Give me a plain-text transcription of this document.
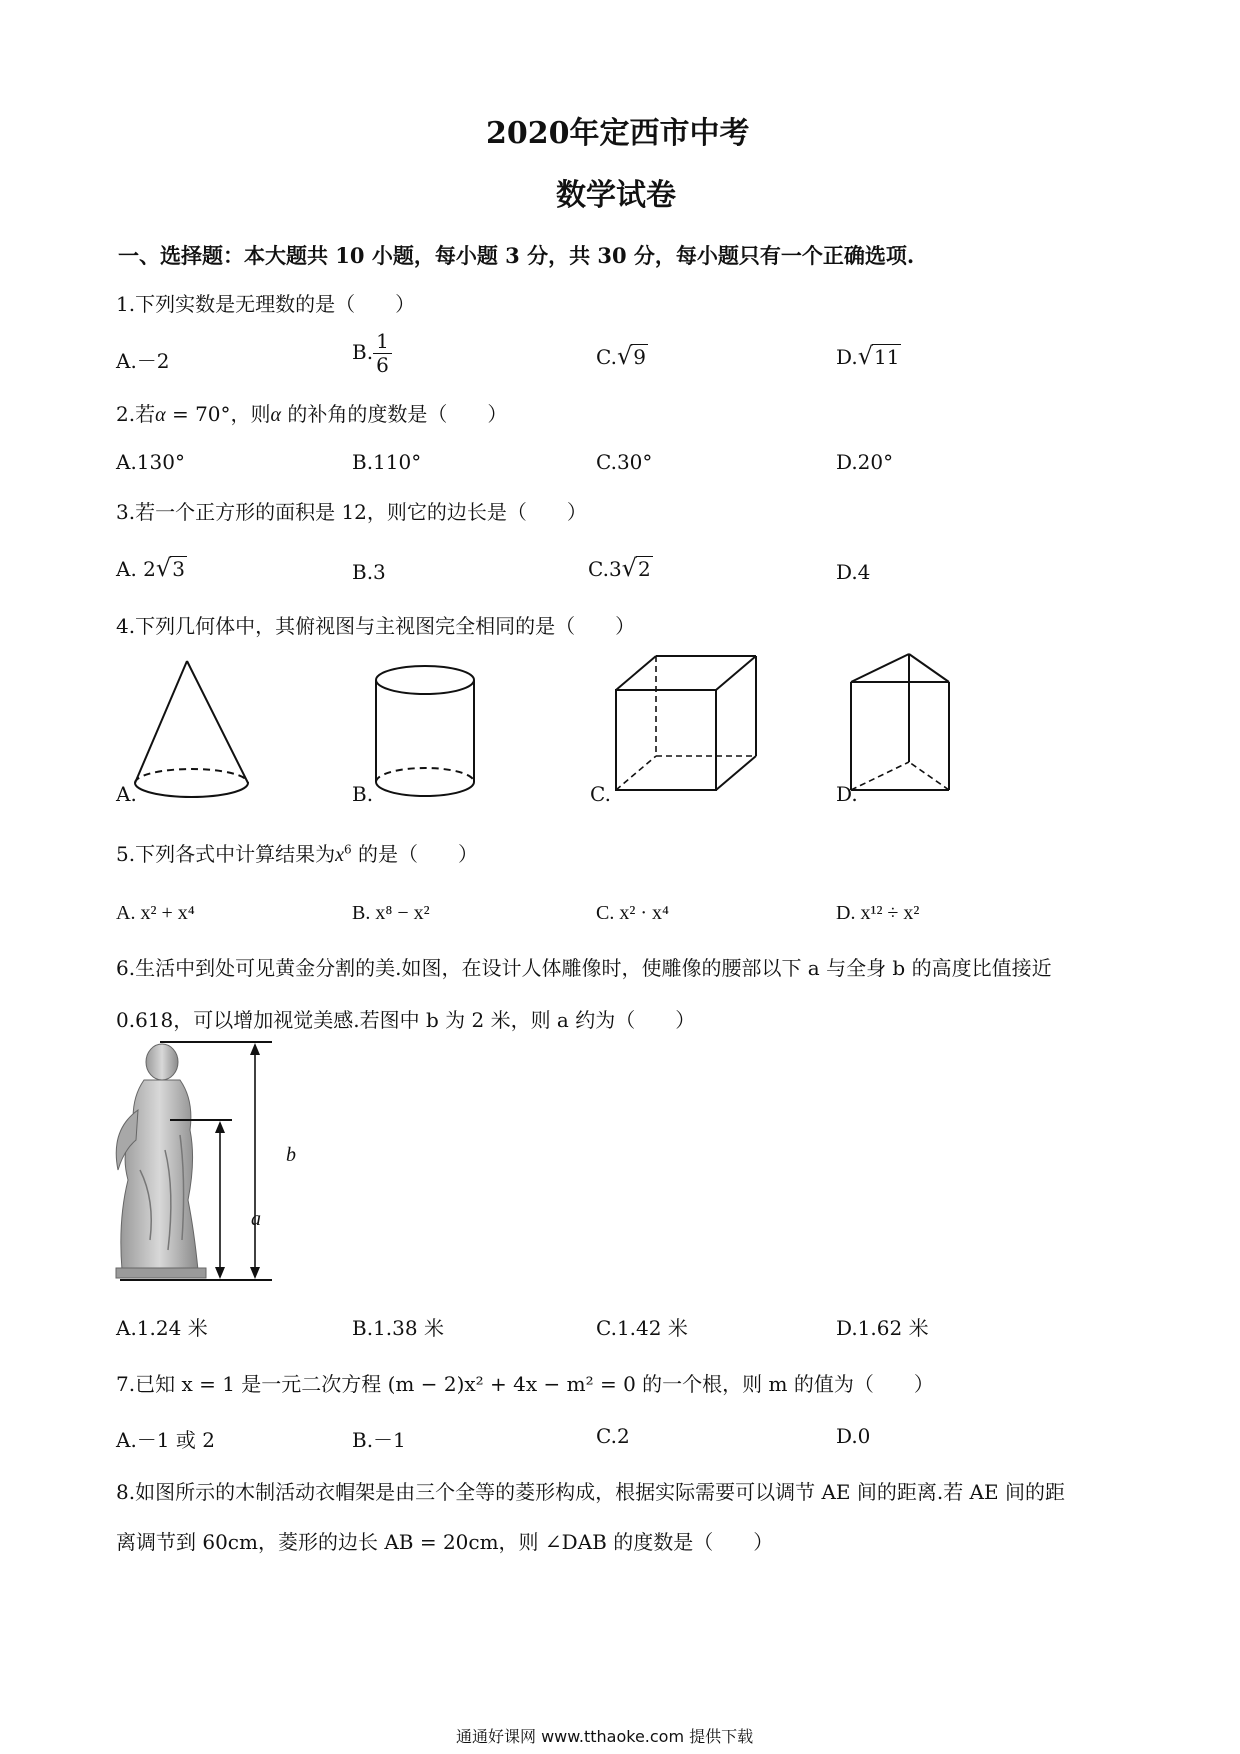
2020年定西市中考
数学试卷
一、选择题：本大题共 10 小题，每小题 3 分，共 30 分，每小题只有一个正确选项.
1.下列实数是无理数的是（　　）
A.－2	B. $\frac{1}{6}$	C.√9	D.√11
2.若α = 70°，则α 的补角的度数是（　　）
A.130°	B.110°	C.30°	D.20°
3.若一个正方形的面积是 12，则它的边长是（　　）
A. 2√3	B.3	C.3√2	D.4
4.下列几何体中，其俯视图与主视图完全相同的是（　　）
A.	B.	C.	D.
5.下列各式中计算结果为$x^6$ 的是（　　）
A. x² + x⁴	B. x⁸ − x²	C. x² · x⁴	D. x¹² ÷ x²
6.生活中到处可见黄金分割的美.如图，在设计人体雕像时，使雕像的腰部以下 a 与全身 b 的高度比值接近
0.618，可以增加视觉美感.若图中 b 为 2 米，则 a 约为（　　）
b
a
A.1.24 米	B.1.38 米	C.1.42 米	D.1.62 米
7.已知 x = 1 是一元二次方程 (m − 2)x² + 4x − m² = 0 的一个根，则 m 的值为（　　）
A.－1 或 2	B.－1	C.2	D.0
8.如图所示的木制活动衣帽架是由三个全等的菱形构成，根据实际需要可以调节 AE 间的距离.若 AE 间的距
离调节到 60cm，菱形的边长 AB = 20cm，则 ∠DAB 的度数是（　　）
通通好课网 www.tthaoke.com 提供下载
